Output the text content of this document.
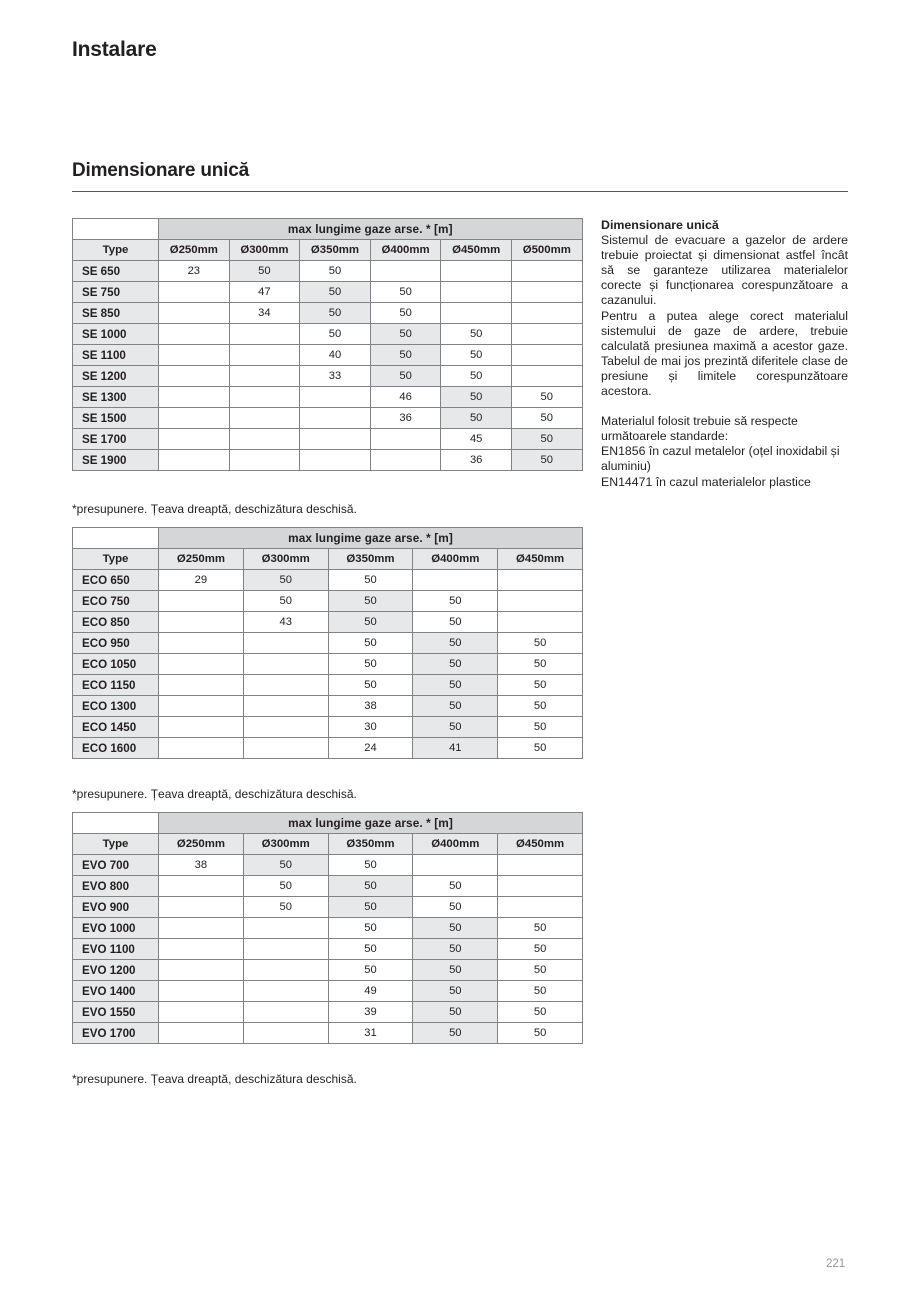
Instalare
Dimensionare unică
	max lungime gaze arse. * [m]					
Type	Ø250mm	Ø300mm	Ø350mm	Ø400mm	Ø450mm	Ø500mm
SE 650	23	50	50			
SE 750		47	50	50		
SE 850		34	50	50		
SE 1000			50	50	50	
SE 1100			40	50	50	
SE 1200			33	50	50	
SE 1300				46	50	50
SE 1500				36	50	50
SE 1700					45	50
SE 1900					36	50
	max lungime gaze arse. * [m]				
Type	Ø250mm	Ø300mm	Ø350mm	Ø400mm	Ø450mm
ECO 650	29	50	50		
ECO 750		50	50	50	
ECO 850		43	50	50	
ECO 950			50	50	50
ECO 1050			50	50	50
ECO 1150			50	50	50
ECO 1300			38	50	50
ECO 1450			30	50	50
ECO 1600			24	41	50
	max lungime gaze arse. * [m]				
Type	Ø250mm	Ø300mm	Ø350mm	Ø400mm	Ø450mm
EVO 700	38	50	50		
EVO 800		50	50	50	
EVO 900		50	50	50	
EVO 1000			50	50	50
EVO 1100			50	50	50
EVO 1200			50	50	50
EVO 1400			49	50	50
EVO 1550			39	50	50
EVO 1700			31	50	50
*presupunere. Țeava dreaptă, deschizătura deschisă.
*presupunere. Țeava dreaptă, deschizătura deschisă.
*presupunere. Țeava dreaptă, deschizătura deschisă.
Dimensionare unică

Sistemul de evacuare a gazelor de ardere trebuie proiectat și dimensionat astfel încât să se garanteze utilizarea materialelor corecte și funcționarea corespunzătoare a cazanului.

Pentru a putea alege corect materialul sistemului de gaze de ardere, trebuie calculată presiunea maximă a acestor gaze. Tabelul de mai jos prezintă diferitele clase de presiune și limitele corespunzătoare acestora.

Materialul folosit trebuie să respecte următoarele standarde:

EN1856 în cazul metalelor (oțel inoxidabil și aluminiu)

EN14471 în cazul materialelor plastice

221
